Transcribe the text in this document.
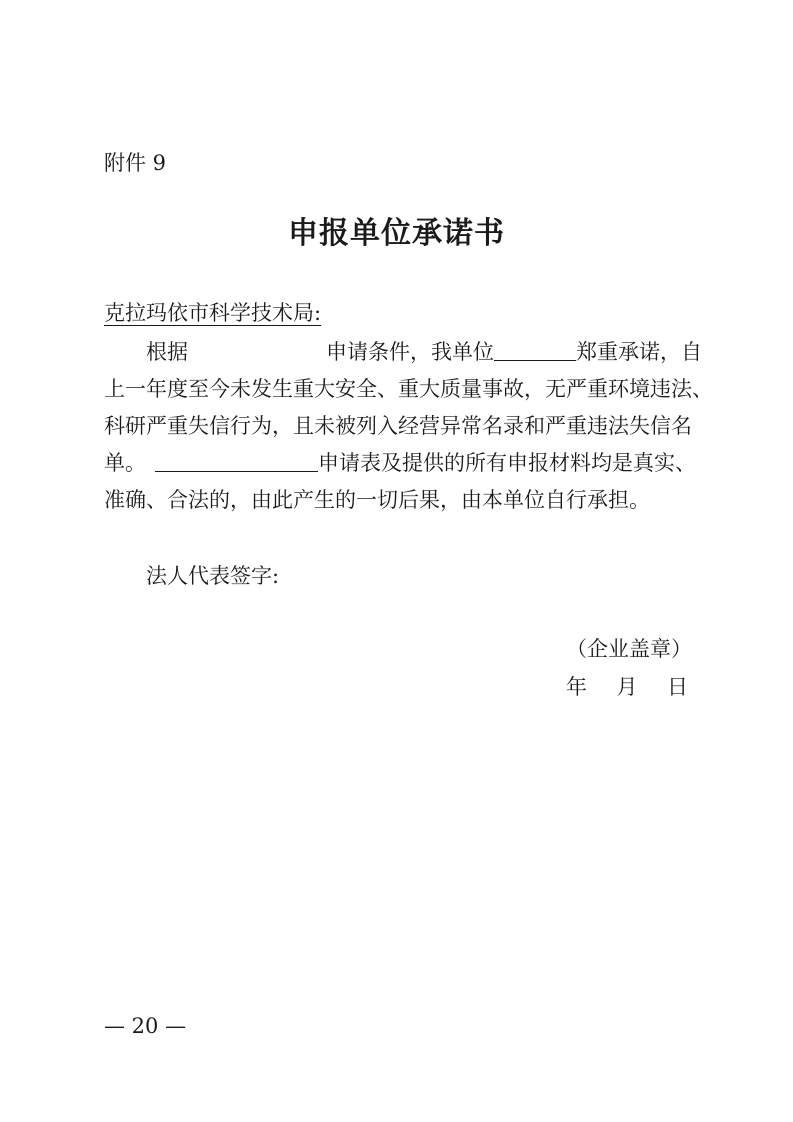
附件 9
申报单位承诺书
克拉玛依市科学技术局:
根据	申请条件，我单位	郑重承诺，自
上一年度至今未发生重大安全、重大质量事故，无严重环境违法、
科研严重失信行为，且未被列入经营异常名录和严重违法失信名
单。	申请表及提供的所有申报材料均是真实、
准确、合法的，由此产生的一切后果，由本单位自行承担。
法人代表签字:
（企业盖章）
年 月 日
— 20 —
